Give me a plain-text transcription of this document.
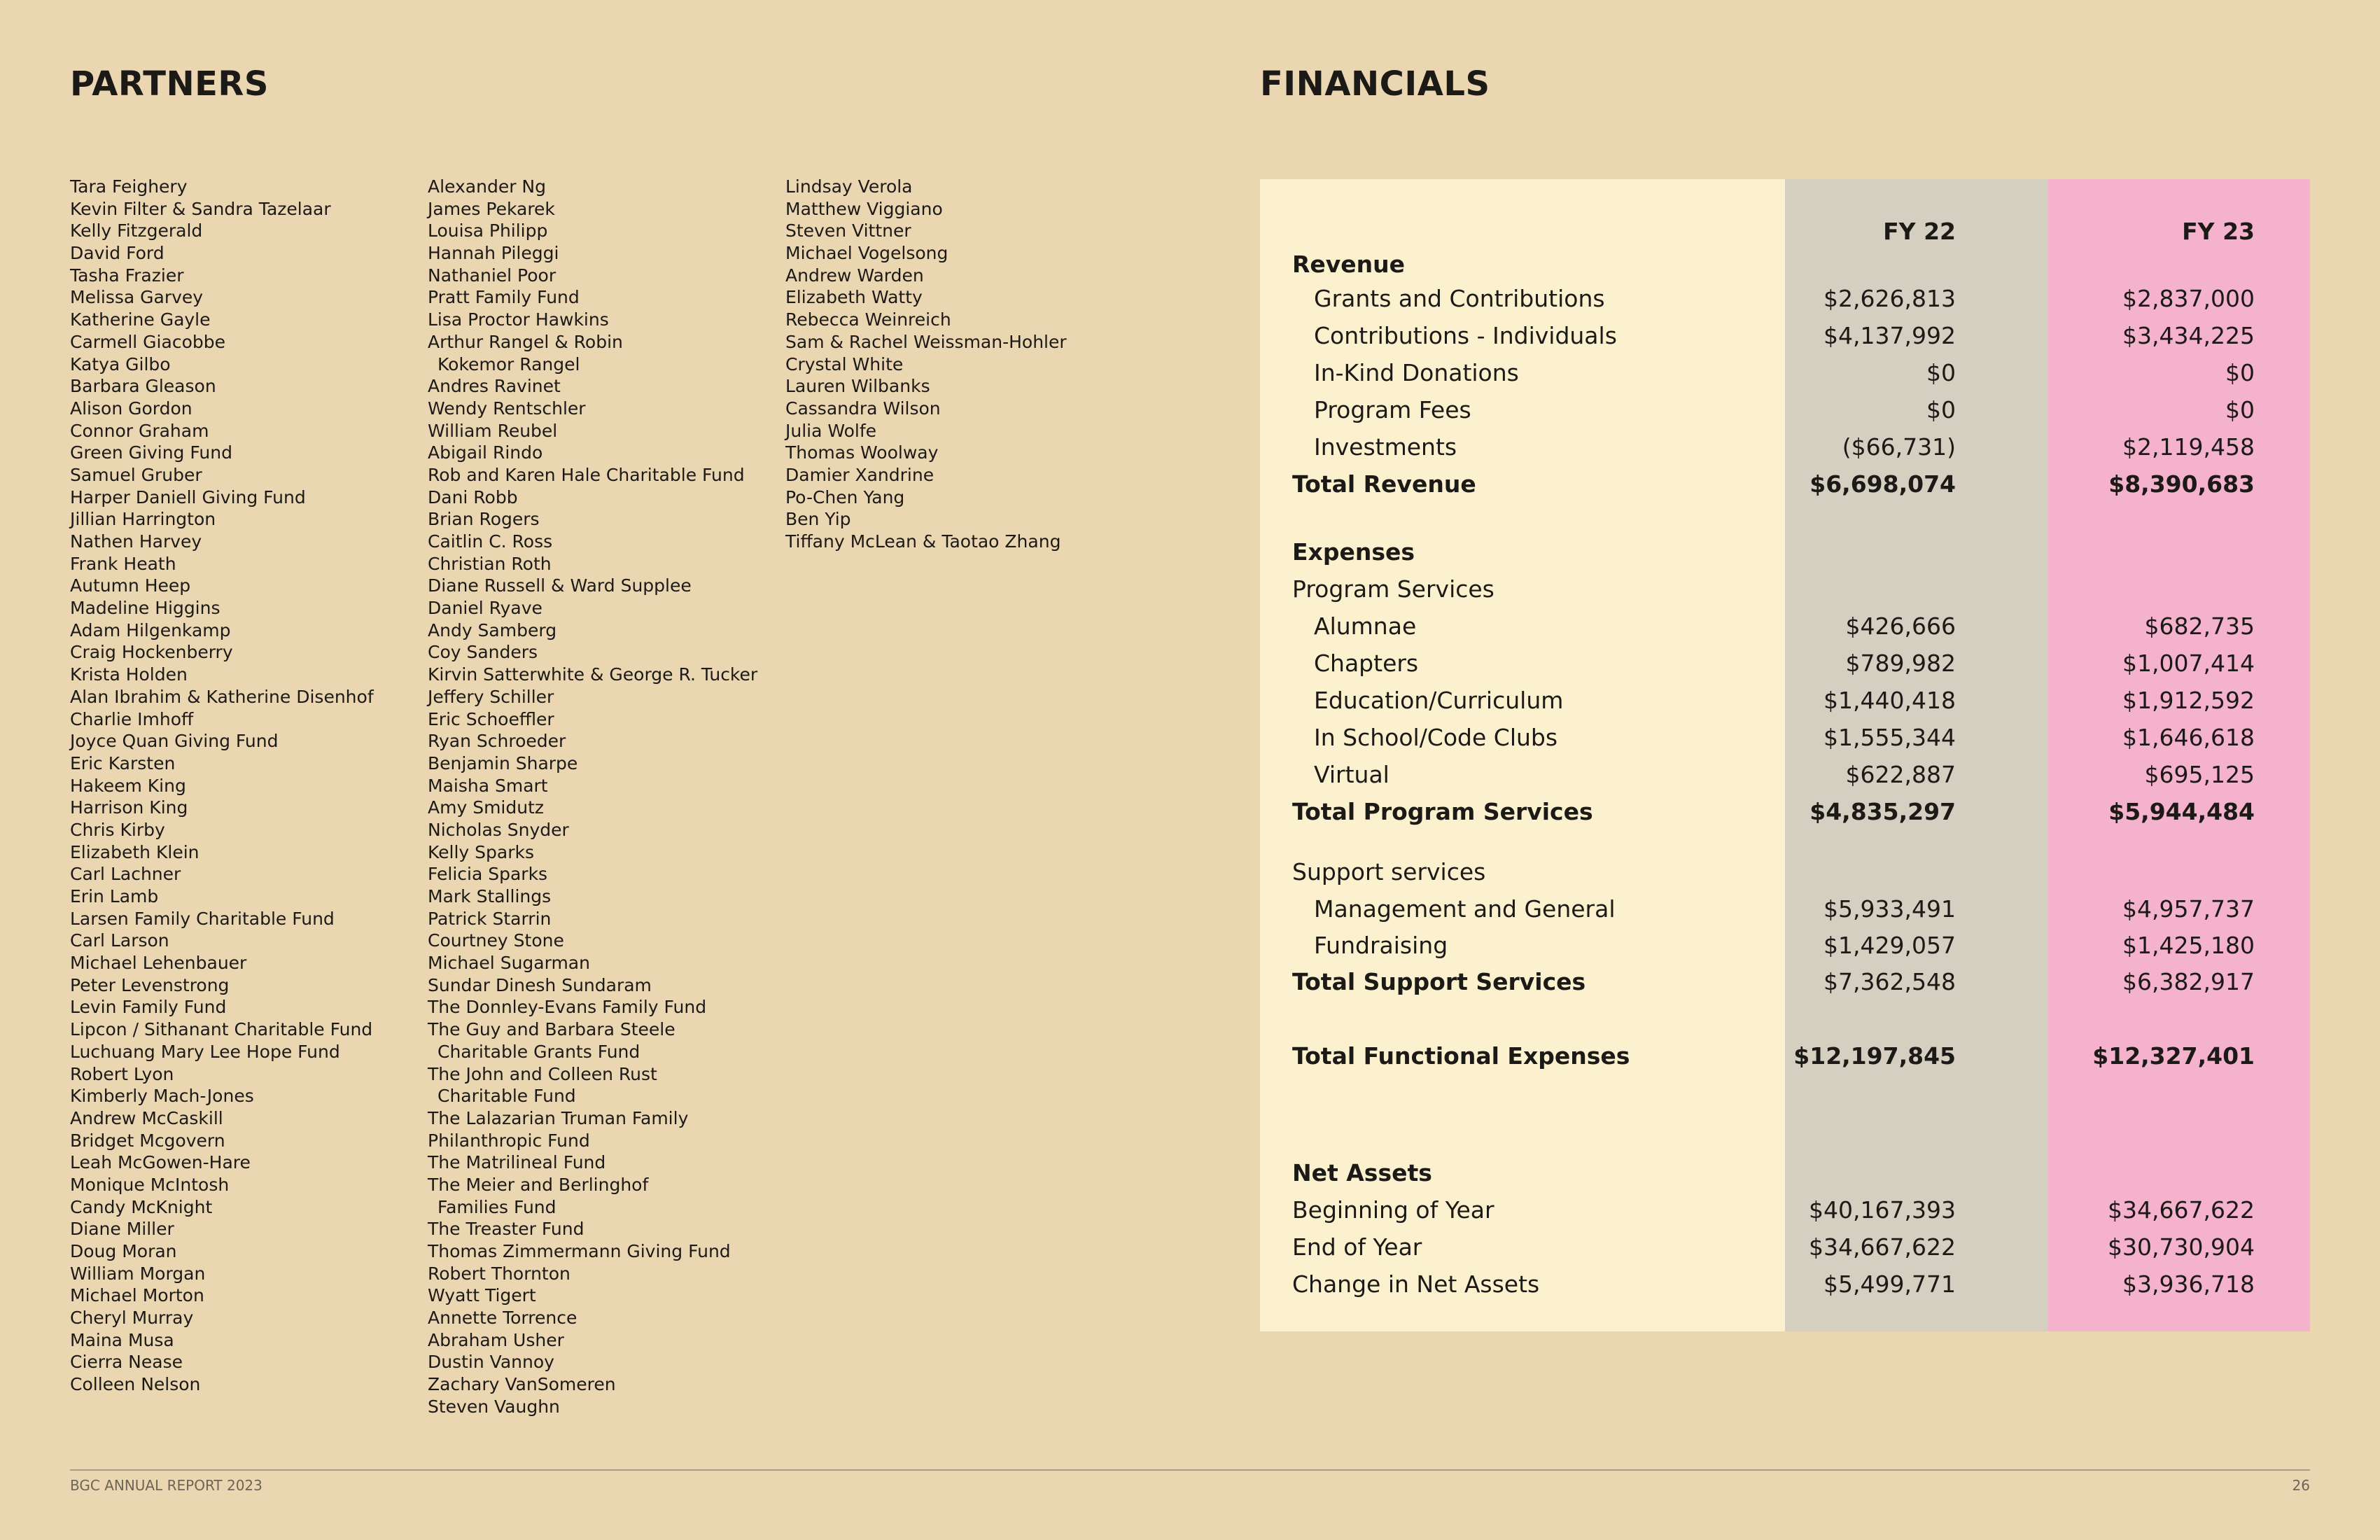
PARTNERS	FINANCIALS
Tara Feighery
Kevin Filter & Sandra Tazelaar
Kelly Fitzgerald
David Ford
Tasha Frazier
Melissa Garvey
Katherine Gayle
Carmell Giacobbe
Katya Gilbo
Barbara Gleason
Alison Gordon
Connor Graham
Green Giving Fund
Samuel Gruber
Harper Daniell Giving Fund
Jillian Harrington
Nathen Harvey
Frank Heath
Autumn Heep
Madeline Higgins
Adam Hilgenkamp
Craig Hockenberry
Krista Holden
Alan Ibrahim & Katherine Disenhof
Charlie Imhoff
Joyce Quan Giving Fund
Eric Karsten
Hakeem King
Harrison King
Chris Kirby
Elizabeth Klein
Carl Lachner
Erin Lamb
Larsen Family Charitable Fund
Carl Larson
Michael Lehenbauer
Peter Levenstrong
Levin Family Fund
Lipcon / Sithanant Charitable Fund
Luchuang Mary Lee Hope Fund
Robert Lyon
Kimberly Mach-Jones
Andrew McCaskill
Bridget Mcgovern
Leah McGowen-Hare
Monique McIntosh
Candy McKnight
Diane Miller
Doug Moran
William Morgan
Michael Morton
Cheryl Murray
Maina Musa
Cierra Nease
Colleen Nelson
Alexander Ng
James Pekarek
Louisa Philipp
Hannah Pileggi
Nathaniel Poor
Pratt Family Fund
Lisa Proctor Hawkins
Arthur Rangel & Robin
Kokemor Rangel
Andres Ravinet
Wendy Rentschler
William Reubel
Abigail Rindo
Rob and Karen Hale Charitable Fund
Dani Robb
Brian Rogers
Caitlin C. Ross
Christian Roth
Diane Russell & Ward Supplee
Daniel Ryave
Andy Samberg
Coy Sanders
Kirvin Satterwhite & George R. Tucker
Jeffery Schiller
Eric Schoeffler
Ryan Schroeder
Benjamin Sharpe
Maisha Smart
Amy Smidutz
Nicholas Snyder
Kelly Sparks
Felicia Sparks
Mark Stallings
Patrick Starrin
Courtney Stone
Michael Sugarman
Sundar Dinesh Sundaram
The Donnley-Evans Family Fund
The Guy and Barbara Steele
Charitable Grants Fund
The John and Colleen Rust
Charitable Fund
The Lalazarian Truman Family
Philanthropic Fund
The Matrilineal Fund
The Meier and Berlinghof
Families Fund
The Treaster Fund
Thomas Zimmermann Giving Fund
Robert Thornton
Wyatt Tigert
Annette Torrence
Abraham Usher
Dustin Vannoy
Zachary VanSomeren
Steven Vaughn
Lindsay Verola
Matthew Viggiano
Steven Vittner
Michael Vogelsong
Andrew Warden
Elizabeth Watty
Rebecca Weinreich
Sam & Rachel Weissman-Hohler
Crystal White
Lauren Wilbanks
Cassandra Wilson
Julia Wolfe
Thomas Woolway
Damier Xandrine
Po-Chen Yang
Ben Yip
Tiffany McLean & Taotao Zhang
FY 22	FY 23
Revenue
Grants and Contributions	$2,626,813	$2,837,000
Contributions - Individuals	$4,137,992	$3,434,225
In-Kind Donations	$0	$0
Program Fees	$0	$0
Investments	($66,731)	$2,119,458
Total Revenue	$6,698,074	$8,390,683
Expenses
Program Services
Alumnae	$426,666	$682,735
Chapters	$789,982	$1,007,414
Education/Curriculum	$1,440,418	$1,912,592
In School/Code Clubs	$1,555,344	$1,646,618
Virtual	$622,887	$695,125
Total Program Services	$4,835,297	$5,944,484
Support services
Management and General	$5,933,491	$4,957,737
Fundraising	$1,429,057	$1,425,180
Total Support Services	$7,362,548	$6,382,917
Total Functional Expenses	$12,197,845	$12,327,401
Net Assets
Beginning of Year	$40,167,393	$34,667,622
End of Year	$34,667,622	$30,730,904
Change in Net Assets	$5,499,771	$3,936,718
BGC ANNUAL REPORT 2023	26
